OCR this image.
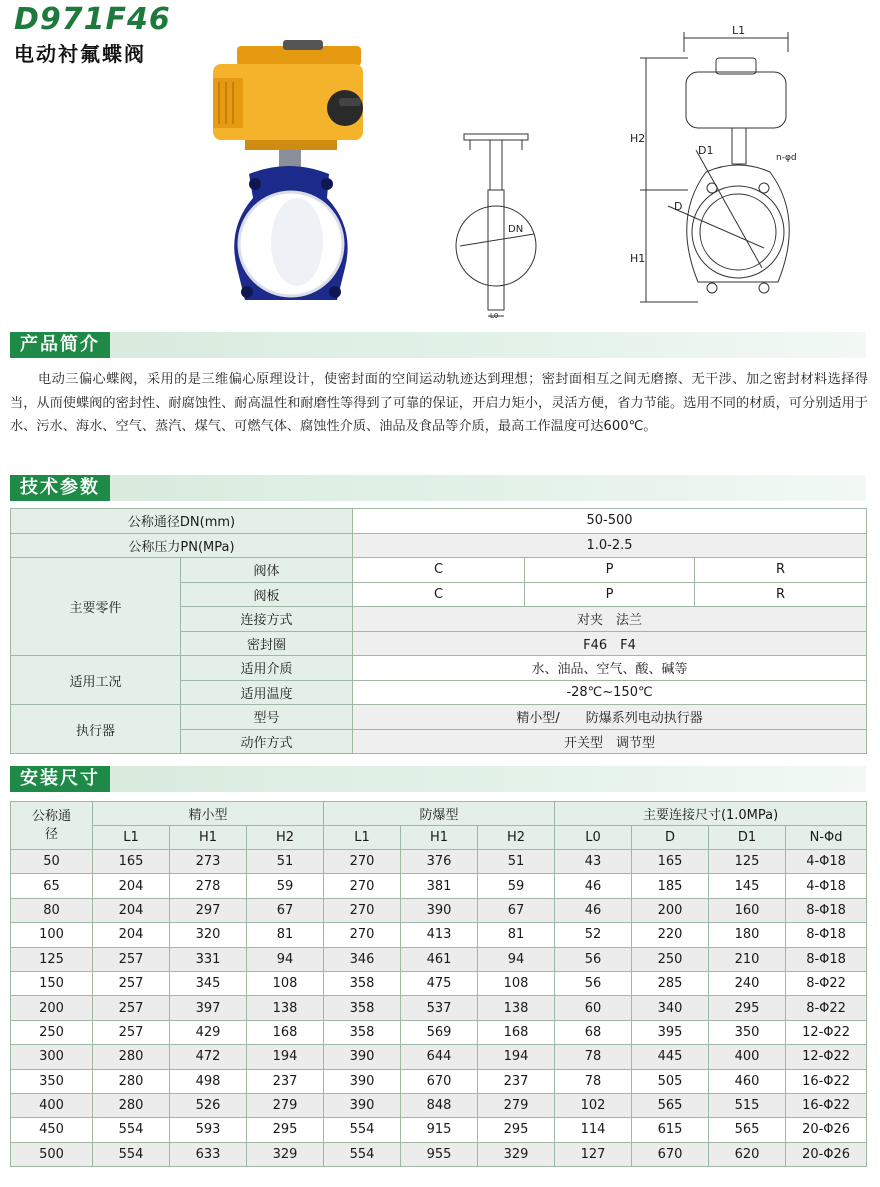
D971F46
电动衬氟蝶阀
DN
L0
L1
H2
H1
D1
D
n-φd
产品简介

电动三偏心蝶阀，采用的是三维偏心原理设计，使密封面的空间运动轨迹达到理想；密封面相互之间无磨擦、无干涉、加之密封材料选择得当，从而使蝶阀的密封性、耐腐蚀性、耐高温性和耐磨性等得到了可靠的保证，开启力矩小，灵活方便，省力节能。选用不同的材质，可分别适用于水、污水、海水、空气、蒸汽、煤气、可燃气体、腐蚀性介质、油品及食品等介质，最高工作温度可达600℃。

技术参数
公称通径DN(mm)		50-500		
公称压力PN(MPa)		1.0-2.5		
主要零件	阀体	C	P	R
	阀板	C	P	R
	连接方式	对夹　法兰		
	密封圈	F46　F4		
适用工况	适用介质	水、油品、空气、酸、碱等		
	适用温度	-28℃~150℃		
执行器	型号	精小型/　　防爆系列电动执行器		
	动作方式	开关型　调节型		
安装尺寸
公称通径	精小型			防爆型			主要连接尺寸(1.0MPa)			
	L1	H1	H2	L1	H1	H2	L0	D	D1	N-Φd
50	165	273	51	270	376	51	43	165	125	4-Φ18
65	204	278	59	270	381	59	46	185	145	4-Φ18
80	204	297	67	270	390	67	46	200	160	8-Φ18
100	204	320	81	270	413	81	52	220	180	8-Φ18
125	257	331	94	346	461	94	56	250	210	8-Φ18
150	257	345	108	358	475	108	56	285	240	8-Φ22
200	257	397	138	358	537	138	60	340	295	8-Φ22
250	257	429	168	358	569	168	68	395	350	12-Φ22
300	280	472	194	390	644	194	78	445	400	12-Φ22
350	280	498	237	390	670	237	78	505	460	16-Φ22
400	280	526	279	390	848	279	102	565	515	16-Φ22
450	554	593	295	554	915	295	114	615	565	20-Φ26
500	554	633	329	554	955	329	127	670	620	20-Φ26
